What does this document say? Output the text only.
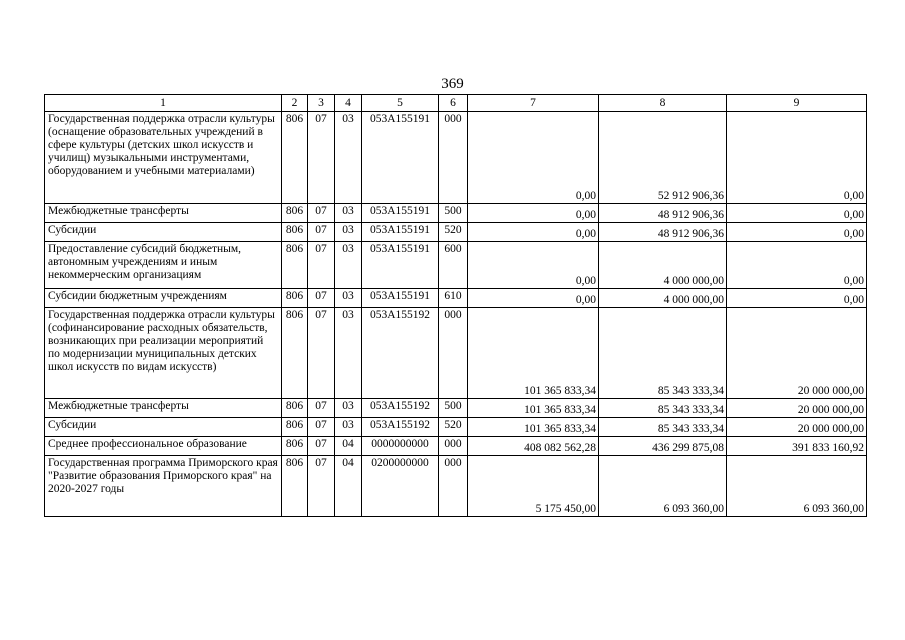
369
1	2	3	4	5	6	7	8	9
Государственная поддержка отрасли культуры (оснащение образовательных учреждений в сфере культуры (детских школ искусств и училищ) музыкальными инструментами, оборудованием и учебными материалами)	806	07	03	053A155191	000	0,00	52 912 906,36	0,00
Межбюджетные трансферты	806	07	03	053A155191	500	0,00	48 912 906,36	0,00
Субсидии	806	07	03	053A155191	520	0,00	48 912 906,36	0,00
Предоставление субсидий бюджетным, автономным учреждениям и иным некоммерческим организациям	806	07	03	053A155191	600	0,00	4 000 000,00	0,00
Субсидии бюджетным учреждениям	806	07	03	053A155191	610	0,00	4 000 000,00	0,00
Государственная поддержка отрасли культуры (софинансирование расходных обязательств, возникающих при реализации мероприятий по модернизации муниципальных детских школ искусств по видам искусств)	806	07	03	053A155192	000	101 365 833,34	85 343 333,34	20 000 000,00
Межбюджетные трансферты	806	07	03	053A155192	500	101 365 833,34	85 343 333,34	20 000 000,00
Субсидии	806	07	03	053A155192	520	101 365 833,34	85 343 333,34	20 000 000,00
Среднее профессиональное образование	806	07	04	0000000000	000	408 082 562,28	436 299 875,08	391 833 160,92
Государственная программа Приморского края "Развитие образования Приморского края" на 2020-2027 годы	806	07	04	0200000000	000	5 175 450,00	6 093 360,00	6 093 360,00
